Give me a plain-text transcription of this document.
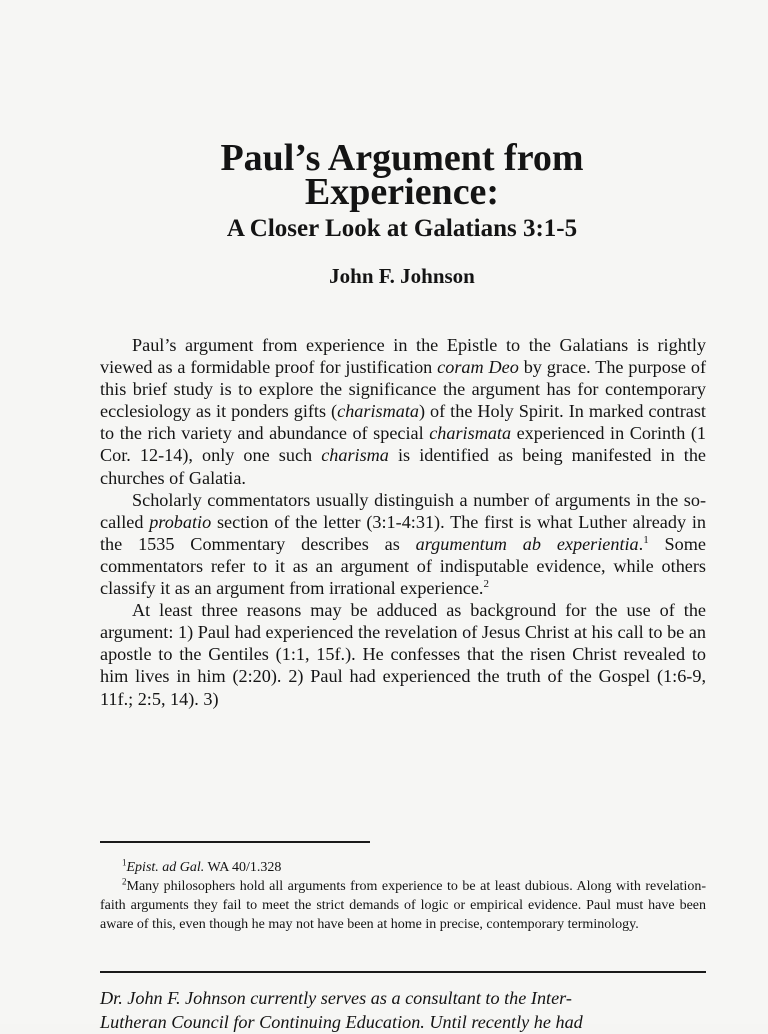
Paul’s Argument from
Experience:
A Closer Look at Galatians 3:1-5
John F. Johnson

Paul’s argument from experience in the Epistle to the Galatians is rightly viewed as a formidable proof for justification coram Deo by grace. The purpose of this brief study is to explore the significance the argument has for contemporary ecclesiology as it ponders gifts (charismata) of the Holy Spirit. In marked contrast to the rich variety and abundance of special charismata experienced in Corinth (1 Cor. 12-14), only one such charisma is identified as being manifested in the churches of Galatia.

Scholarly commentators usually distinguish a number of arguments in the so-called probatio section of the letter (3:1-4:31). The first is what Luther already in the 1535 Commentary describes as argumentum ab experientia.$^1$ Some commentators refer to it as an argument of indisputable evidence, while others classify it as an argument from irrational experience.$^2$

At least three reasons may be adduced as background for the use of the argument: 1) Paul had experienced the revelation of Jesus Christ at his call to be an apostle to the Gentiles (1:1, 15f.). He confesses that the risen Christ revealed to him lives in him (2:20). 2) Paul had experienced the truth of the Gospel (1:6-9, 11f.; 2:5, 14). 3)

$^1$Epist. ad Gal. WA 40/1.328

$^2$Many philosophers hold all arguments from experience to be at least dubious. Along with revelation-faith arguments they fail to meet the strict demands of logic or empirical evidence. Paul must have been aware of this, even though he may not have been at home in precise, contemporary terminology.

Dr. John F. Johnson currently serves as a consultant to the Inter-
Lutheran Council for Continuing Education. Until recently he had
